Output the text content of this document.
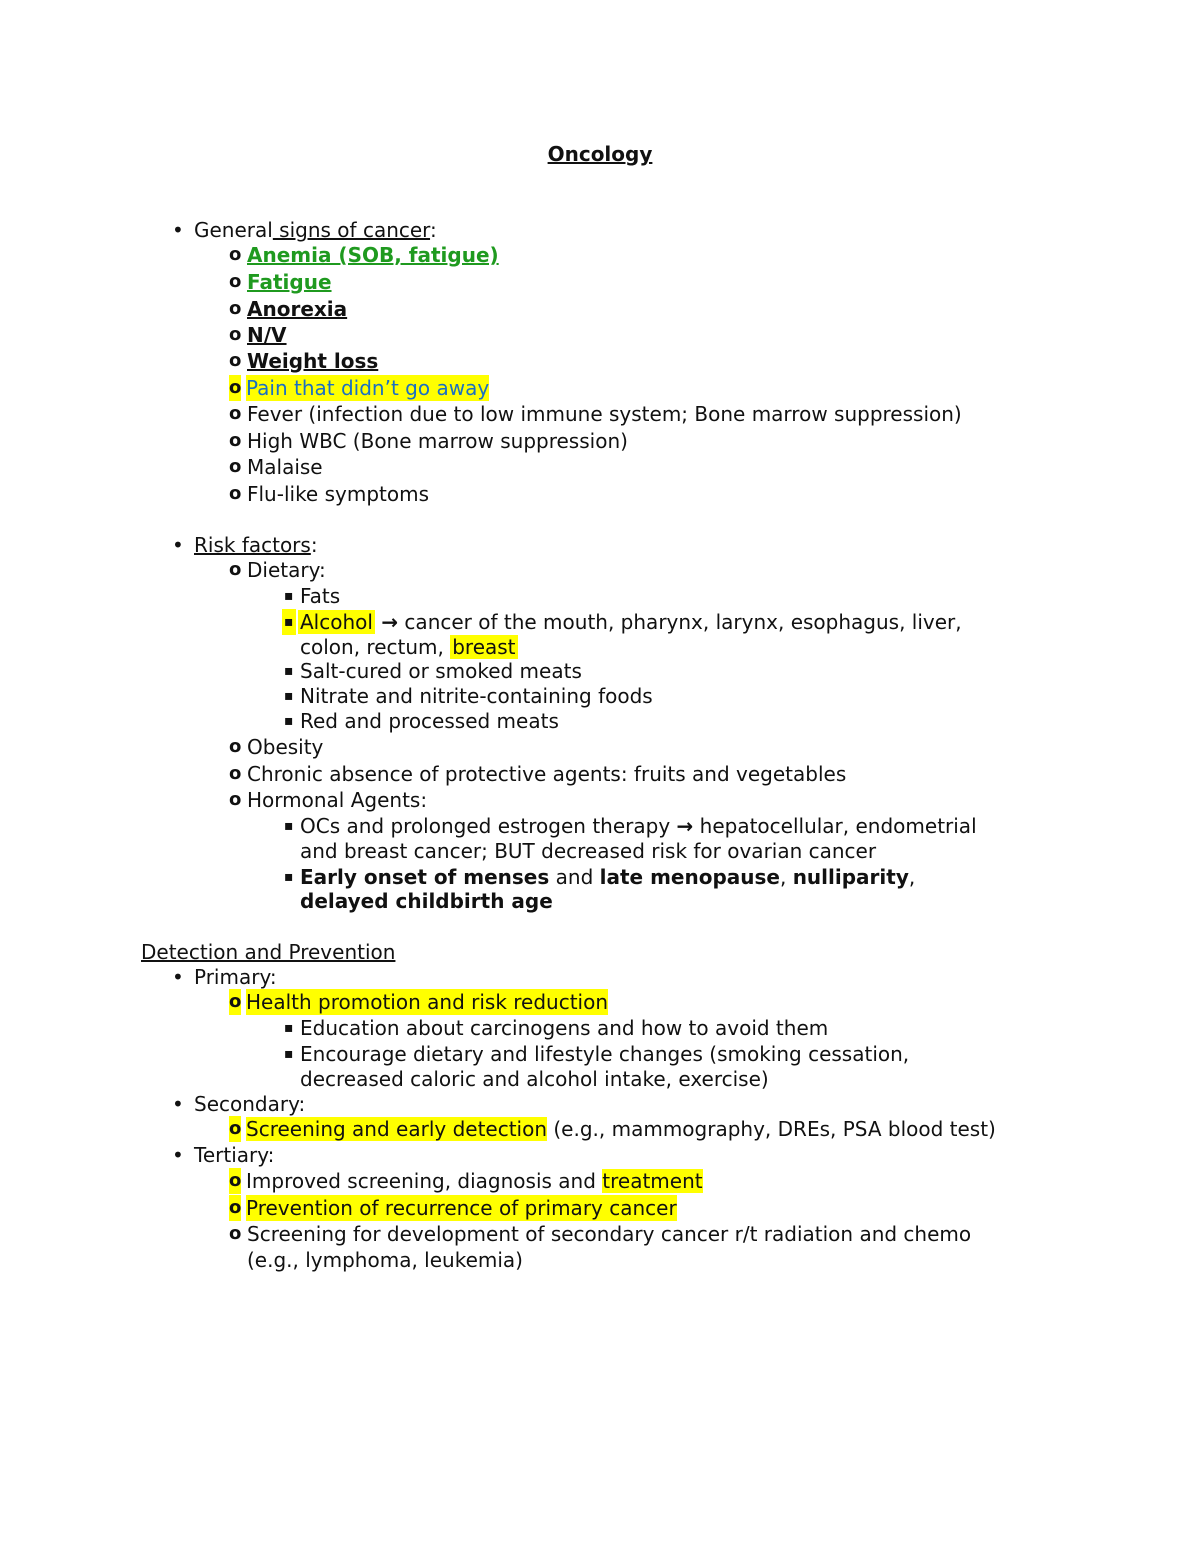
Oncology
• General signs of cancer:
o Anemia (SOB, fatigue)
o Fatigue
o Anorexia
o N/V
o Weight loss
o Pain that didn’t go away
o Fever (infection due to low immune system; Bone marrow suppression)
o High WBC (Bone marrow suppression)
o Malaise
o Flu-like symptoms
• Risk factors:
o Dietary:
▪ Fats
▪ Alcohol → cancer of the mouth, pharynx, larynx, esophagus, liver,
colon, rectum, breast
▪ Salt-cured or smoked meats
▪ Nitrate and nitrite-containing foods
▪ Red and processed meats
o Obesity
o Chronic absence of protective agents: fruits and vegetables
o Hormonal Agents:
▪ OCs and prolonged estrogen therapy → hepatocellular, endometrial
and breast cancer; BUT decreased risk for ovarian cancer
▪ Early onset of menses and late menopause, nulliparity,
delayed childbirth age
Detection and Prevention
• Primary:
o Health promotion and risk reduction
▪ Education about carcinogens and how to avoid them
▪ Encourage dietary and lifestyle changes (smoking cessation,
decreased caloric and alcohol intake, exercise)
• Secondary:
o Screening and early detection (e.g., mammography, DREs, PSA blood test)
• Tertiary:
o Improved screening, diagnosis and treatment
o Prevention of recurrence of primary cancer
o Screening for development of secondary cancer r/t radiation and chemo
(e.g., lymphoma, leukemia)
